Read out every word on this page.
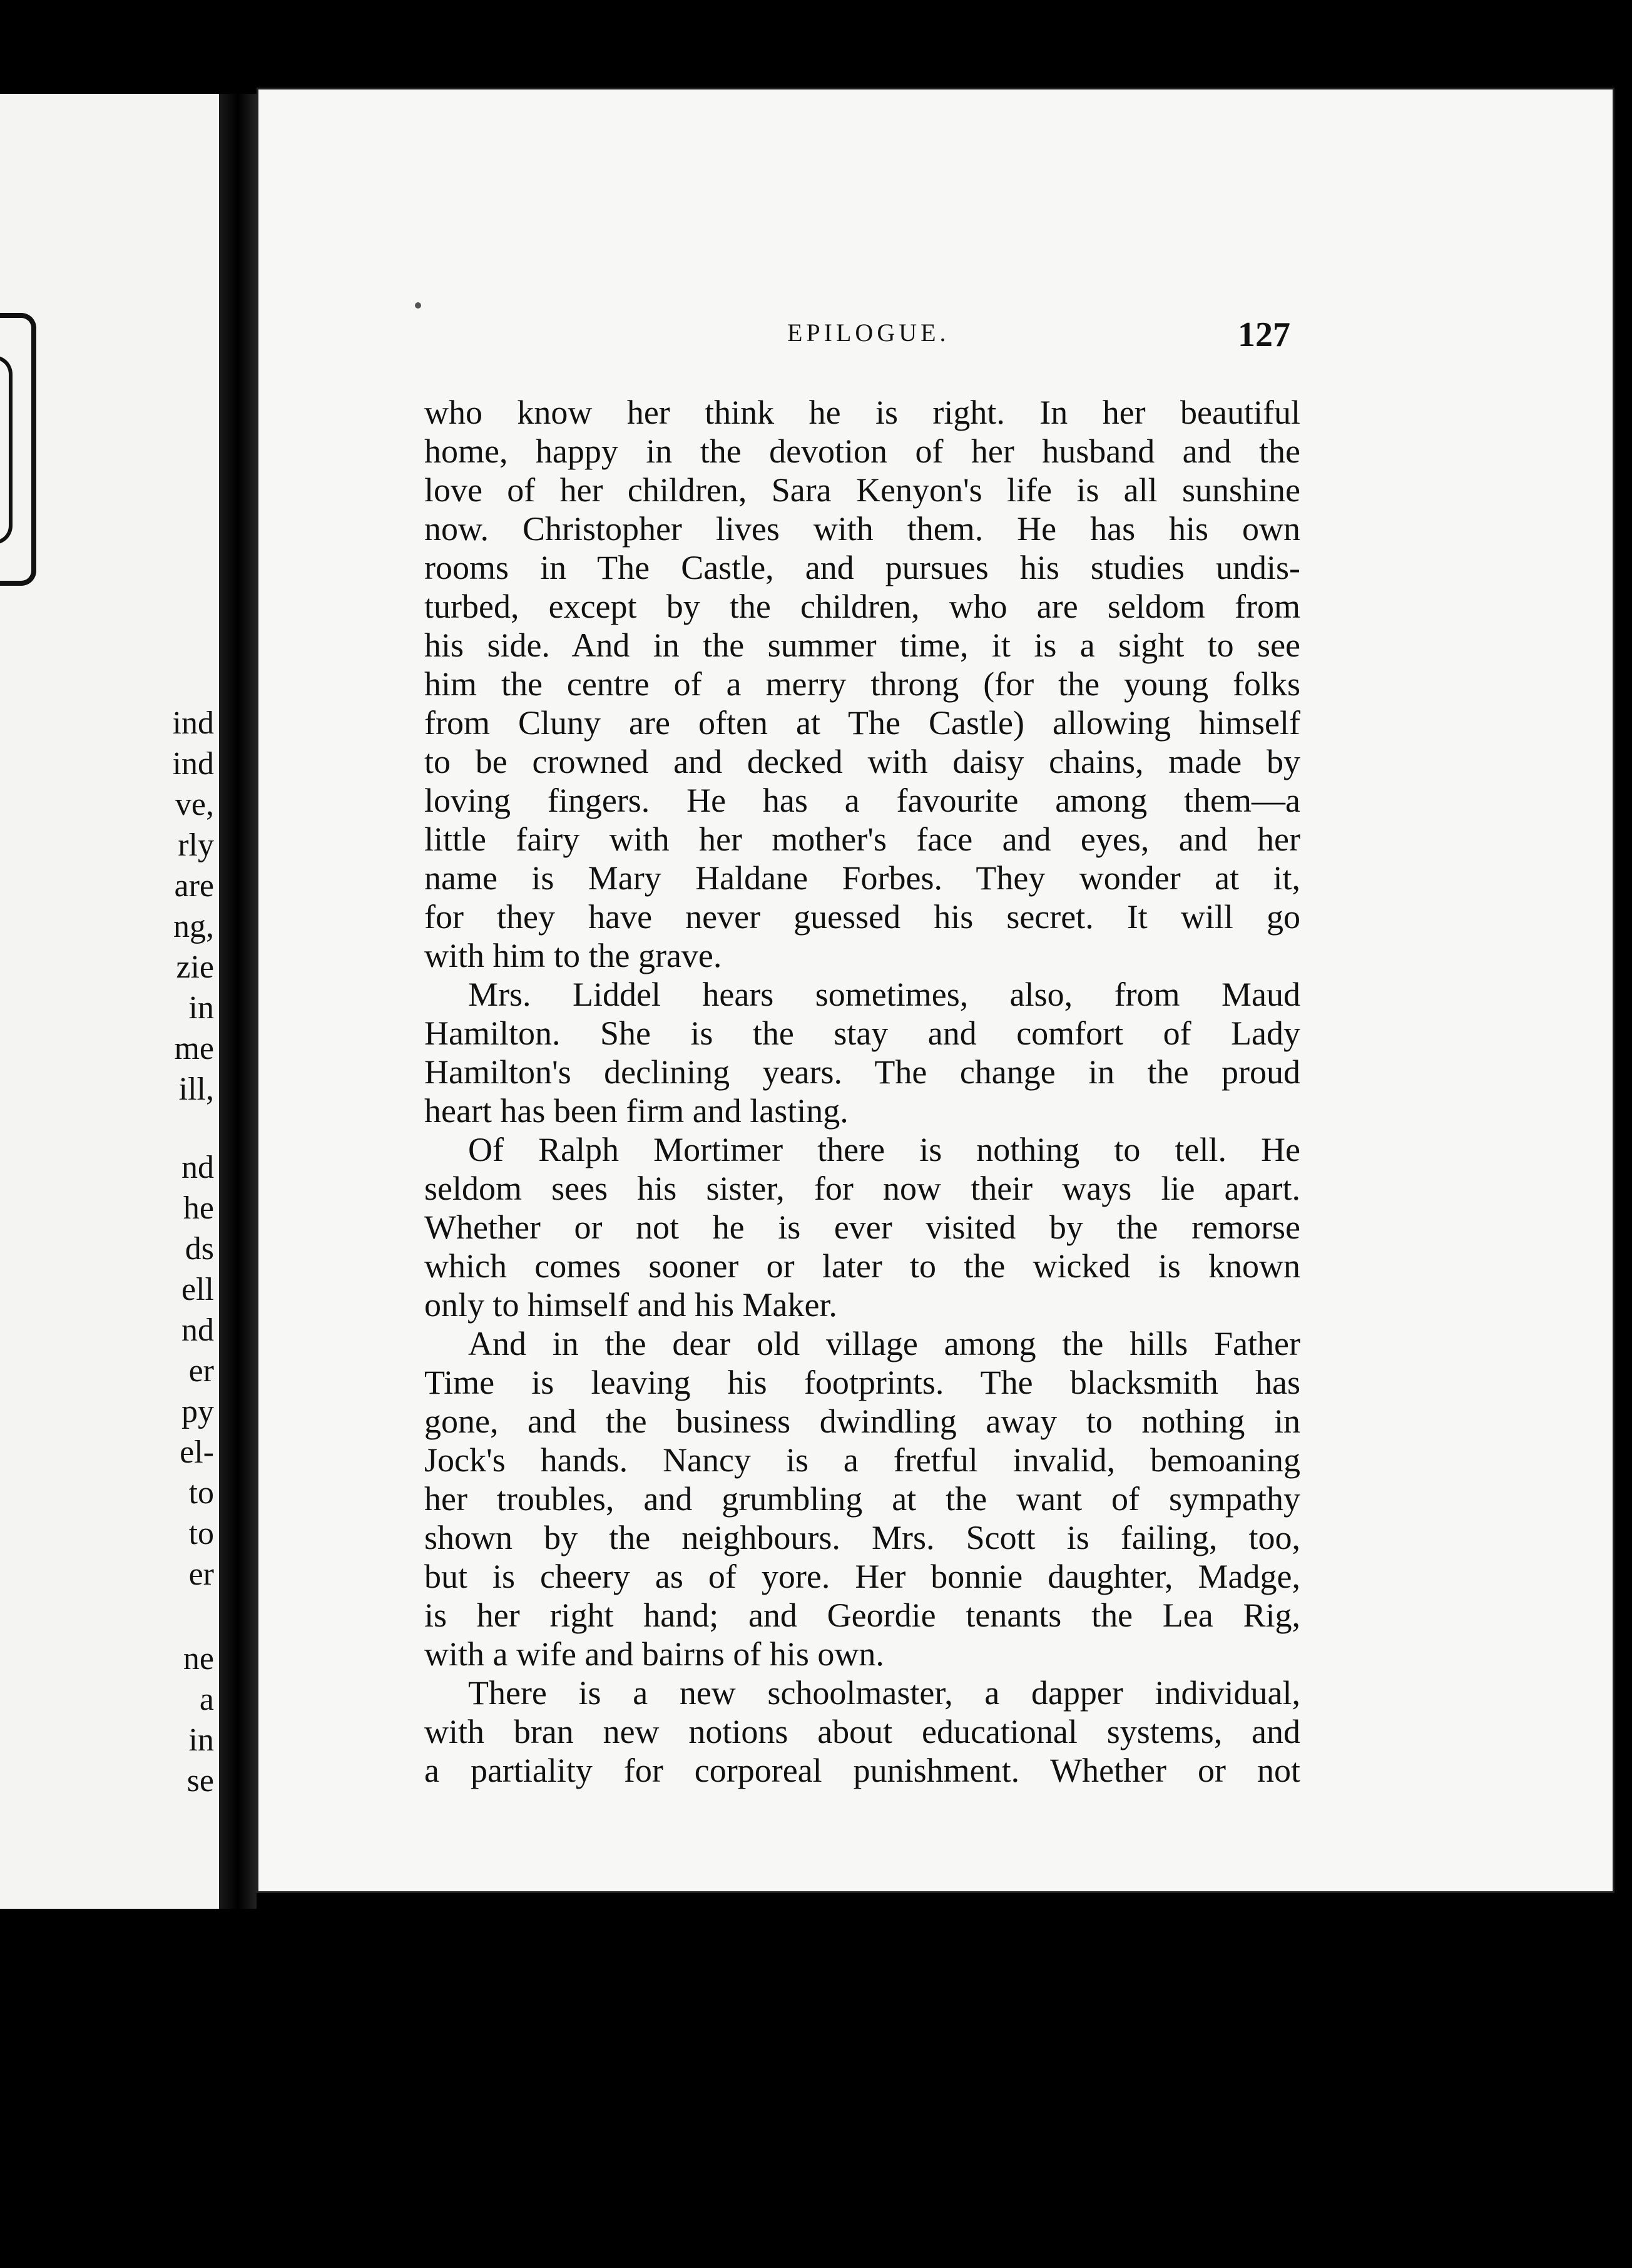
ind
ind
ve,
rly
are
ng,
zie
in
me
ill,
nd
he
ds
ell
nd
er
py
el-
to
to
er
ne
a
in
se
EPILOGUE.	127
who know her think he is right. In her beautiful
home, happy in the devotion of her husband and the
love of her children, Sara Kenyon's life is all sunshine
now. Christopher lives with them. He has his own
rooms in The Castle, and pursues his studies undis-
turbed, except by the children, who are seldom from
his side. And in the summer time, it is a sight to see
him the centre of a merry throng (for the young folks
from Cluny are often at The Castle) allowing himself
to be crowned and decked with daisy chains, made by
loving fingers. He has a favourite among them—a
little fairy with her mother's face and eyes, and her
name is Mary Haldane Forbes. They wonder at it,
for they have never guessed his secret. It will go
with him to the grave.
Mrs. Liddel hears sometimes, also, from Maud
Hamilton. She is the stay and comfort of Lady
Hamilton's declining years. The change in the proud
heart has been firm and lasting.
Of Ralph Mortimer there is nothing to tell. He
seldom sees his sister, for now their ways lie apart.
Whether or not he is ever visited by the remorse
which comes sooner or later to the wicked is known
only to himself and his Maker.
And in the dear old village among the hills Father
Time is leaving his footprints. The blacksmith has
gone, and the business dwindling away to nothing in
Jock's hands. Nancy is a fretful invalid, bemoaning
her troubles, and grumbling at the want of sympathy
shown by the neighbours. Mrs. Scott is failing, too,
but is cheery as of yore. Her bonnie daughter, Madge,
is her right hand; and Geordie tenants the Lea Rig,
with a wife and bairns of his own.
There is a new schoolmaster, a dapper individual,
with bran new notions about educational systems, and
a partiality for corporeal punishment. Whether or not
